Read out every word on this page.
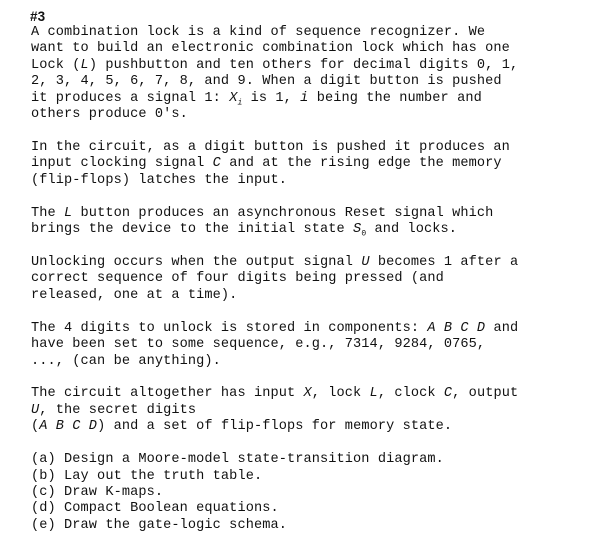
#3
A combination lock is a kind of sequence recognizer. We
want to build an electronic combination lock which has one
Lock (L) pushbutton and ten others for decimal digits 0, 1,
2, 3, 4, 5, 6, 7, 8, and 9. When a digit button is pushed
it produces a signal 1: $X_i$ is 1, i being the number and
others produce 0's.
In the circuit, as a digit button is pushed it produces an
input clocking signal C and at the rising edge the memory
(flip-flops) latches the input.
The L button produces an asynchronous Reset signal which
brings the device to the initial state $S_0$ and locks.
Unlocking occurs when the output signal U becomes 1 after a
correct sequence of four digits being pressed (and
released, one at a time).
The 4 digits to unlock is stored in components: A B C D and
have been set to some sequence, e.g., 7314, 9284, 0765,
..., (can be anything).
The circuit altogether has input X, lock L, clock C, output
U, the secret digits
(A B C D) and a set of flip-flops for memory state.
(a) Design a Moore-model state-transition diagram.
(b) Lay out the truth table.
(c) Draw K-maps.
(d) Compact Boolean equations.
(e) Draw the gate-logic schema.
